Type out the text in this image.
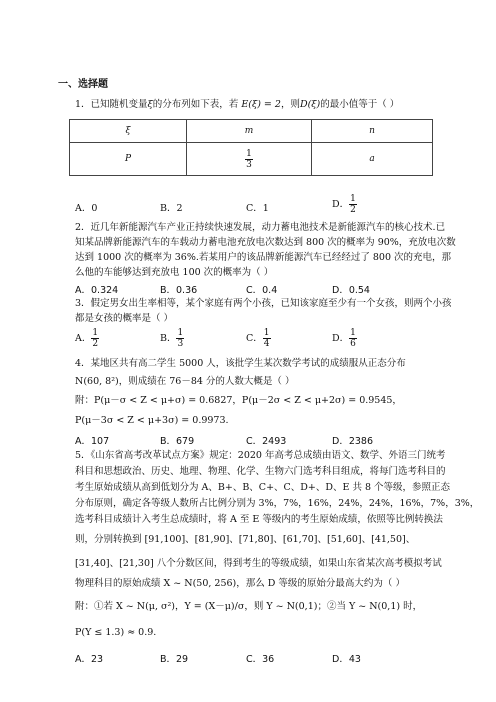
一、选择题
1．已知随机变量ξ的分布列如下表，若 E(ξ) = 2，则D(ξ)的最小值等于（ ）
ξ	m	n
P	$\frac{1}{3}$	a
A．0	B．2	C．1	D． $\frac{1}{2}$
2．近几年新能源汽车产业正持续快速发展，动力蓄电池技术是新能源汽车的核心技术.已
知某品牌新能源汽车的车载动力蓄电池充放电次数达到 800 次的概率为 90%，充放电次数
达到 1000 次的概率为 36%.若某用户的该品牌新能源汽车已经经过了 800 次的充电，那
么他的车能够达到充放电 100 次的概率为（ ）
A．0.324	B．0.36	C．0.4	D．0.54
3．假定男女出生率相等，某个家庭有两个小孩，已知该家庭至少有一个女孩，则两个小孩
都是女孩的概率是（ ）
A． $\frac{1}{2}$	B． $\frac{1}{3}$	C． $\frac{1}{4}$	D． $\frac{1}{6}$
4．某地区共有高二学生 5000 人，该批学生某次数学考试的成绩服从正态分布
N(60, 8²)，则成绩在 76－84 分的人数大概是（ ）
附：P(μ－σ < Z < μ+σ) = 0.6827，P(μ－2σ < Z < μ+2σ) = 0.9545，
P(μ－3σ < Z < μ+3σ) = 0.9973.
A．107	B．679	C．2493	D．2386
5．《山东省高考改革试点方案》规定：2020 年高考总成绩由语文、数学、外语三门统考
科目和思想政治、历史、地理、物理、化学、生物六门选考科目组成，将每门选考科目的
考生原始成绩从高到低划分为 A、B+、B、C+、C、D+、D、E 共 8 个等级，参照正态
分布原则，确定各等级人数所占比例分别为 3%，7%，16%，24%，24%，16%，7%，3%，
选考科目成绩计入考生总成绩时，将 A 至 E 等级内的考生原始成绩，依照等比例转换法
则，分别转换到 [91,100]、[81,90]、[71,80]、[61,70]、[51,60]、[41,50]、
[31,40]、[21,30] 八个分数区间，得到考生的等级成绩，如果山东省某次高考模拟考试
物理科目的原始成绩 X ~ N(50, 256)，那么 D 等级的原始分最高大约为（ ）
附：①若 X ~ N(μ, σ²)，Y = (X－μ)/σ，则 Y ~ N(0,1)；②当 Y ~ N(0,1) 时，
P(Y ≤ 1.3) ≈ 0.9.
A．23	B．29	C．36	D．43
